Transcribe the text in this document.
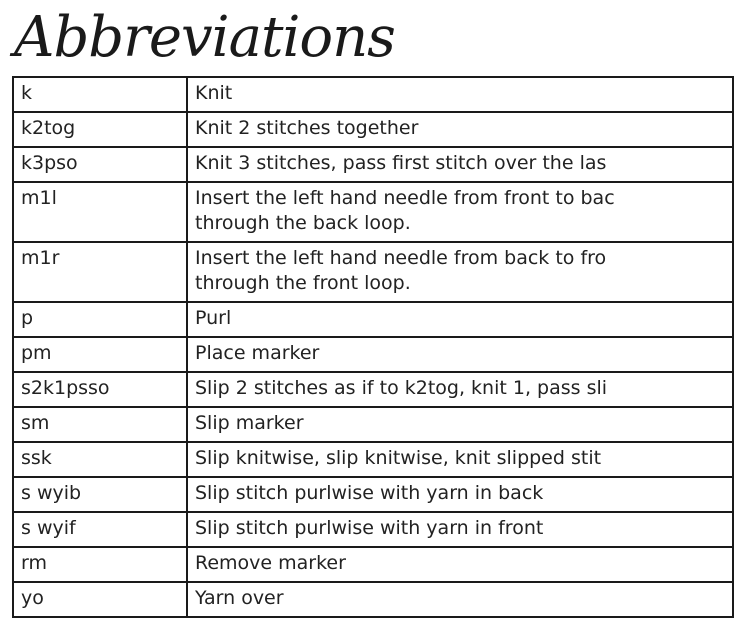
Abbreviations
k	Knit

k2tog	Knit 2 stitches together

k3pso	Knit 3 stitches, pass first stitch over the las

m1l	Insert the left hand needle from front to bac
through the back loop.

m1r	Insert the left hand needle from back to fro
through the front loop.

p	Purl

pm	Place marker

s2k1psso	Slip 2 stitches as if to k2tog, knit 1, pass sli

sm	Slip marker

ssk	Slip knitwise, slip knitwise, knit slipped stit

s wyib	Slip stitch purlwise with yarn in back

s wyif	Slip stitch purlwise with yarn in front

rm	Remove marker

yo	Yarn over
